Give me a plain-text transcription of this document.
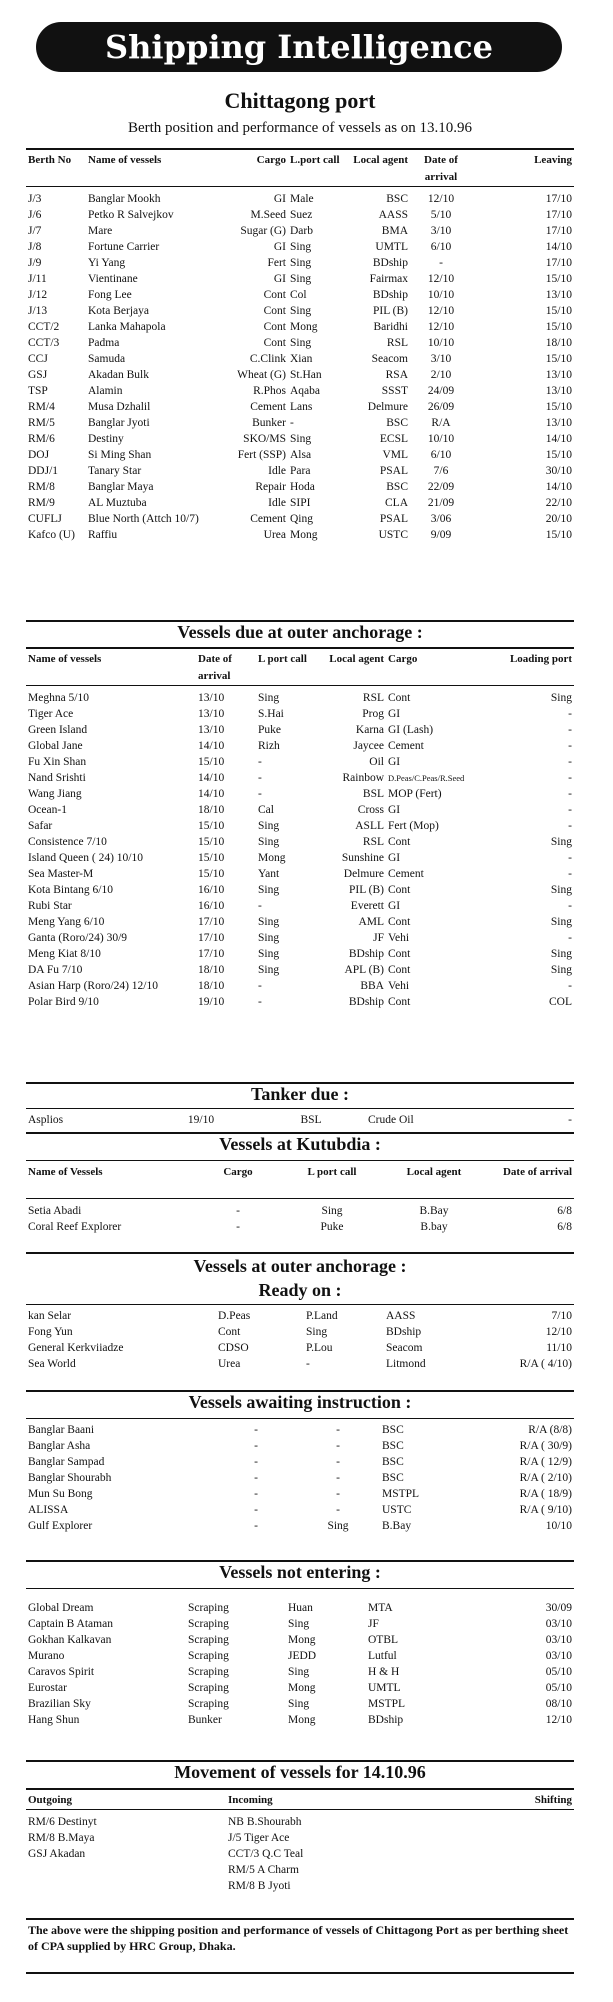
Shipping Intelligence
Chittagong port
Berth position and performance of vessels as on 13.10.96
Berth No	Name of vessels	Cargo	L.port call	Local agent	Date of arrival	Leaving

J/3	Banglar Mookh	GI	Male	BSC	12/10	17/10
J/6	Petko R Salvejkov	M.Seed	Suez	AASS	5/10	17/10
J/7	Mare	Sugar (G)	Darb	BMA	3/10	17/10
J/8	Fortune Carrier	GI	Sing	UMTL	6/10	14/10
J/9	Yi Yang	Fert	Sing	BDship	-	17/10
J/11	Vientinane	GI	Sing	Fairmax	12/10	15/10
J/12	Fong Lee	Cont	Col	BDship	10/10	13/10
J/13	Kota Berjaya	Cont	Sing	PIL (B)	12/10	15/10
CCT/2	Lanka Mahapola	Cont	Mong	Baridhi	12/10	15/10
CCT/3	Padma	Cont	Sing	RSL	10/10	18/10
CCJ	Samuda	C.Clink	Xian	Seacom	3/10	15/10
GSJ	Akadan Bulk	Wheat (G)	St.Han	RSA	2/10	13/10
TSP	Alamin	R.Phos	Aqaba	SSST	24/09	13/10
RM/4	Musa Dzhalil	Cement	Lans	Delmure	26/09	15/10
RM/5	Banglar Jyoti	Bunker	-	BSC	R/A	13/10
RM/6	Destiny	SKO/MS	Sing	ECSL	10/10	14/10
DOJ	Si Ming Shan	Fert (SSP)	Alsa	VML	6/10	15/10
DDJ/1	Tanary Star	Idle	Para	PSAL	7/6	30/10
RM/8	Banglar Maya	Repair	Hoda	BSC	22/09	14/10
RM/9	AL Muztuba	Idle	SIPI	CLA	21/09	22/10
CUFLJ	Blue North (Attch 10/7)	Cement	Qing	PSAL	3/06	20/10
Kafco (U)	Raffiu	Urea	Mong	USTC	9/09	15/10
Vessels due at outer anchorage :
Name of vessels	Date of arrival	L port call	Local agent	Cargo	Loading port

Meghna 5/10	13/10	Sing	RSL	Cont	Sing
Tiger Ace	13/10	S.Hai	Prog	GI	-
Green Island	13/10	Puke	Karna	GI (Lash)	-
Global Jane	14/10	Rizh	Jaycee	Cement	-
Fu Xin Shan	15/10	-	Oil	GI	-
Nand Srishti	14/10	-	Rainbow	D.Peas/C.Peas/R.Seed	-
Wang Jiang	14/10	-	BSL	MOP (Fert)	-
Ocean-1	18/10	Cal	Cross	GI	-
Safar	15/10	Sing	ASLL	Fert (Mop)	-
Consistence 7/10	15/10	Sing	RSL	Cont	Sing
Island Queen ( 24) 10/10	15/10	Mong	Sunshine	GI	-
Sea Master-M	15/10	Yant	Delmure	Cement	-
Kota Bintang 6/10	16/10	Sing	PIL (B)	Cont	Sing
Rubi Star	16/10	-	Everett	GI	-
Meng Yang 6/10	17/10	Sing	AML	Cont	Sing
Ganta (Roro/24) 30/9	17/10	Sing	JF	Vehi	-
Meng Kiat 8/10	17/10	Sing	BDship	Cont	Sing
DA Fu 7/10	18/10	Sing	APL (B)	Cont	Sing
Asian Harp (Roro/24) 12/10	18/10	-	BBA	Vehi	-
Polar Bird 9/10	19/10	-	BDship	Cont	COL
Tanker due :
Asplios	19/10	BSL	Crude Oil	-
Vessels at Kutubdia :
Name of Vessels	Cargo	L port call	Local agent	Date of arrival

Setia Abadi	-	Sing	B.Bay	6/8
Coral Reef Explorer	-	Puke	B.bay	6/8
Vessels at outer anchorage :
Ready on :
kan Selar	D.Peas	P.Land	AASS	7/10
Fong Yun	Cont	Sing	BDship	12/10
General Kerkviiadze	CDSO	P.Lou	Seacom	11/10
Sea World	Urea	-	Litmond	R/A ( 4/10)
Vessels awaiting instruction :
Banglar Baani	-	-	BSC	R/A (8/8)
Banglar Asha	-	-	BSC	R/A ( 30/9)
Banglar Sampad	-	-	BSC	R/A ( 12/9)
Banglar Shourabh	-	-	BSC	R/A ( 2/10)
Mun Su Bong	-	-	MSTPL	R/A ( 18/9)
ALISSA	-	-	USTC	R/A ( 9/10)
Gulf Explorer	-	Sing	B.Bay	10/10
Vessels not entering :
Global Dream	Scraping	Huan	MTA	30/09
Captain B Ataman	Scraping	Sing	JF	03/10
Gokhan Kalkavan	Scraping	Mong	OTBL	03/10
Murano	Scraping	JEDD	Lutful	03/10
Caravos Spirit	Scraping	Sing	H & H	05/10
Eurostar	Scraping	Mong	UMTL	05/10
Brazilian Sky	Scraping	Sing	MSTPL	08/10
Hang Shun	Bunker	Mong	BDship	12/10
Movement of vessels for 14.10.96
Outgoing	Incoming	Shifting

RM/6 Destinyt	NB B.Shourabh	
RM/8 B.Maya	J/5 Tiger Ace	
GSJ Akadan	CCT/3 Q.C Teal	
	RM/5 A Charm	
	RM/8 B Jyoti	
The above were the shipping position and performance of vessels of Chittagong Port as per berthing sheet of CPA supplied by HRC Group, Dhaka.
